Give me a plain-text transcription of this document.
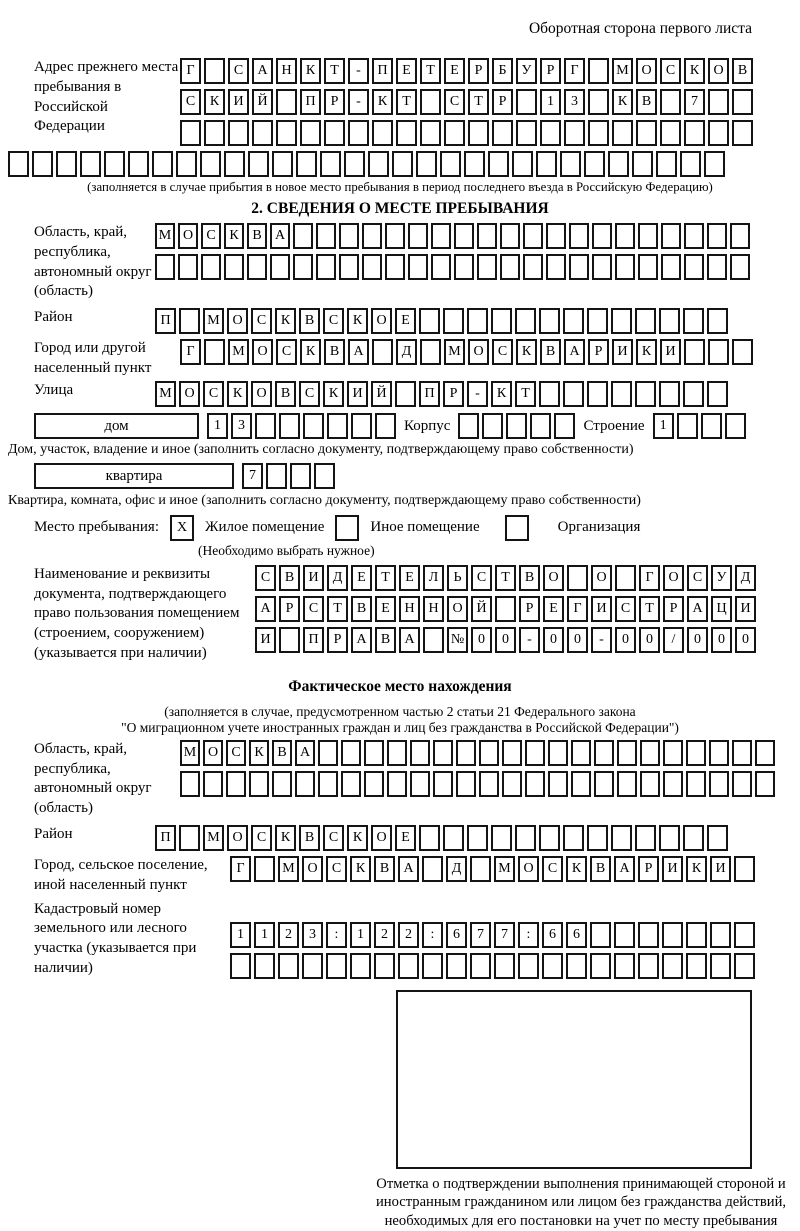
Оборотная сторона первого листа
Адрес прежнего места пребывания в Российской Федерации
Г	С	А Н	К	Т	-	П	Е	Т	Е	Р	Б	У	Р	Г	М О	С	К	О	В
С	К	И Й	П	Р	-	К	Т	С	Т	Р	1	3	К	В	7
(заполняется в случае прибытия в новое место пребывания в период последнего въезда в Российскую Федерацию)
2. СВЕДЕНИЯ О МЕСТЕ ПРЕБЫВАНИЯ
Область, край, республика, автономный округ (область)
М О С К В А
Район	П	М О	С	К	В	С	К	О	Е
Город или другой населенный пункт
Г	М О	С	К	В	А	Д	М О	С	К	В	А	Р	И	К	И
Улица	М О	С	К	О	В	С	К	И Й	П	Р	-	К	Т
дом	1	3	Корпус	Строение	1
Дом, участок, владение и иное (заполнить согласно документу, подтверждающему право собственности)
квартира	7
Квартира, комната, офис и иное (заполнить согласно документу, подтверждающему право собственности)
Место пребывания:	X	Жилое помещение	Иное помещение	Организация
(Необходимо выбрать нужное)
Наименование и реквизиты документа, подтверждающего право пользования помещением (строением, сооружением) (указывается при наличии)
С	В	И	Д	Е	Т	Е	Л	Ь	С	Т	В	О	О	Г	О	С	У	Д
А	Р	С	Т	В	Е	Н Н О Й	Р	Е	Г	И	С	Т	Р	А Ц И
И	П	Р	А	В	А	№ 0	0	-	0	0	-	0	0	/	0	0	0
Фактическое место нахождения
(заполняется в случае, предусмотренном частью 2 статьи 21 Федерального закона
"О миграционном учете иностранных граждан и лиц без гражданства в Российской Федерации")
Область, край, республика, автономный округ (область)
М О С К В А
Район	П	М О	С	К	В	С	К	О	Е
Город, сельское поселение, иной населенный пункт
Г	М О	С	К	В	А	Д	М О	С	К	В	А	Р	И	К	И
Кадастровый номер земельного или лесного участка (указывается при наличии)
1	1	2	3	:	1	2	2	:	6	7	7	:	6	6
Отметка о подтверждении выполнения принимающей стороной и иностранным гражданином или лицом без гражданства действий, необходимых для его постановки на учет по месту пребывания
